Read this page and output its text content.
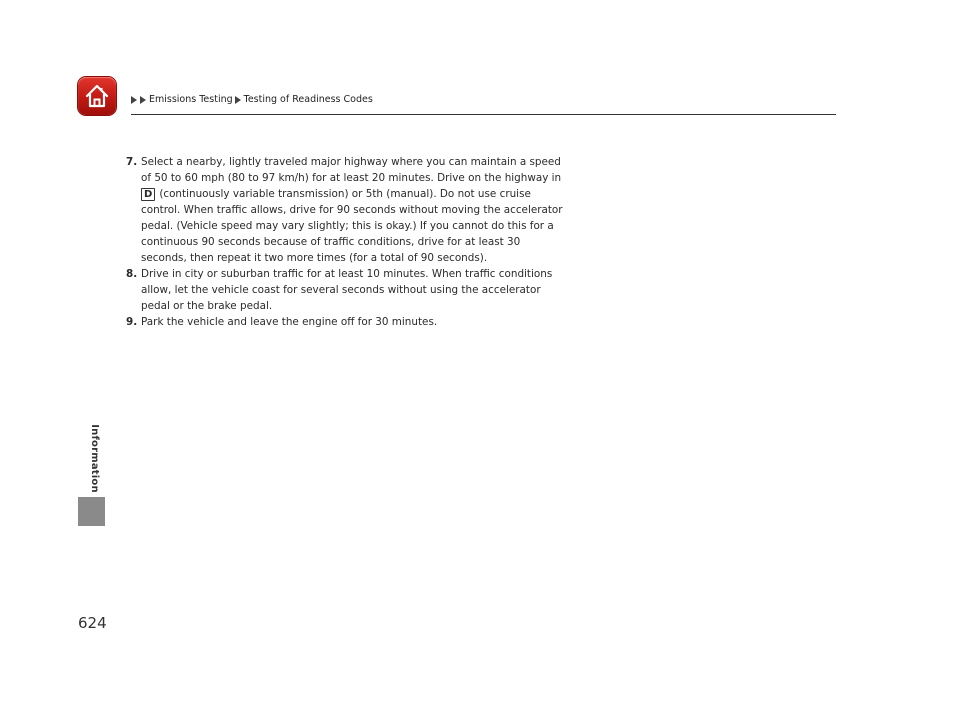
Emissions Testing Testing of Readiness Codes
Information
7. Select a nearby, lightly traveled major highway where you can maintain a speed of 50 to 60 mph (80 to 97 km/h) for at least 20 minutes. Drive on the highway in D (continuously variable transmission) or 5th (manual). Do not use cruise control. When traffic allows, drive for 90 seconds without moving the accelerator pedal. (Vehicle speed may vary slightly; this is okay.) If you cannot do this for a continuous 90 seconds because of traffic conditions, drive for at least 30 seconds, then repeat it two more times (for a total of 90 seconds).
8. Drive in city or suburban traffic for at least 10 minutes. When traffic conditions allow, let the vehicle coast for several seconds without using the accelerator pedal or the brake pedal.
9. Park the vehicle and leave the engine off for 30 minutes.
624
